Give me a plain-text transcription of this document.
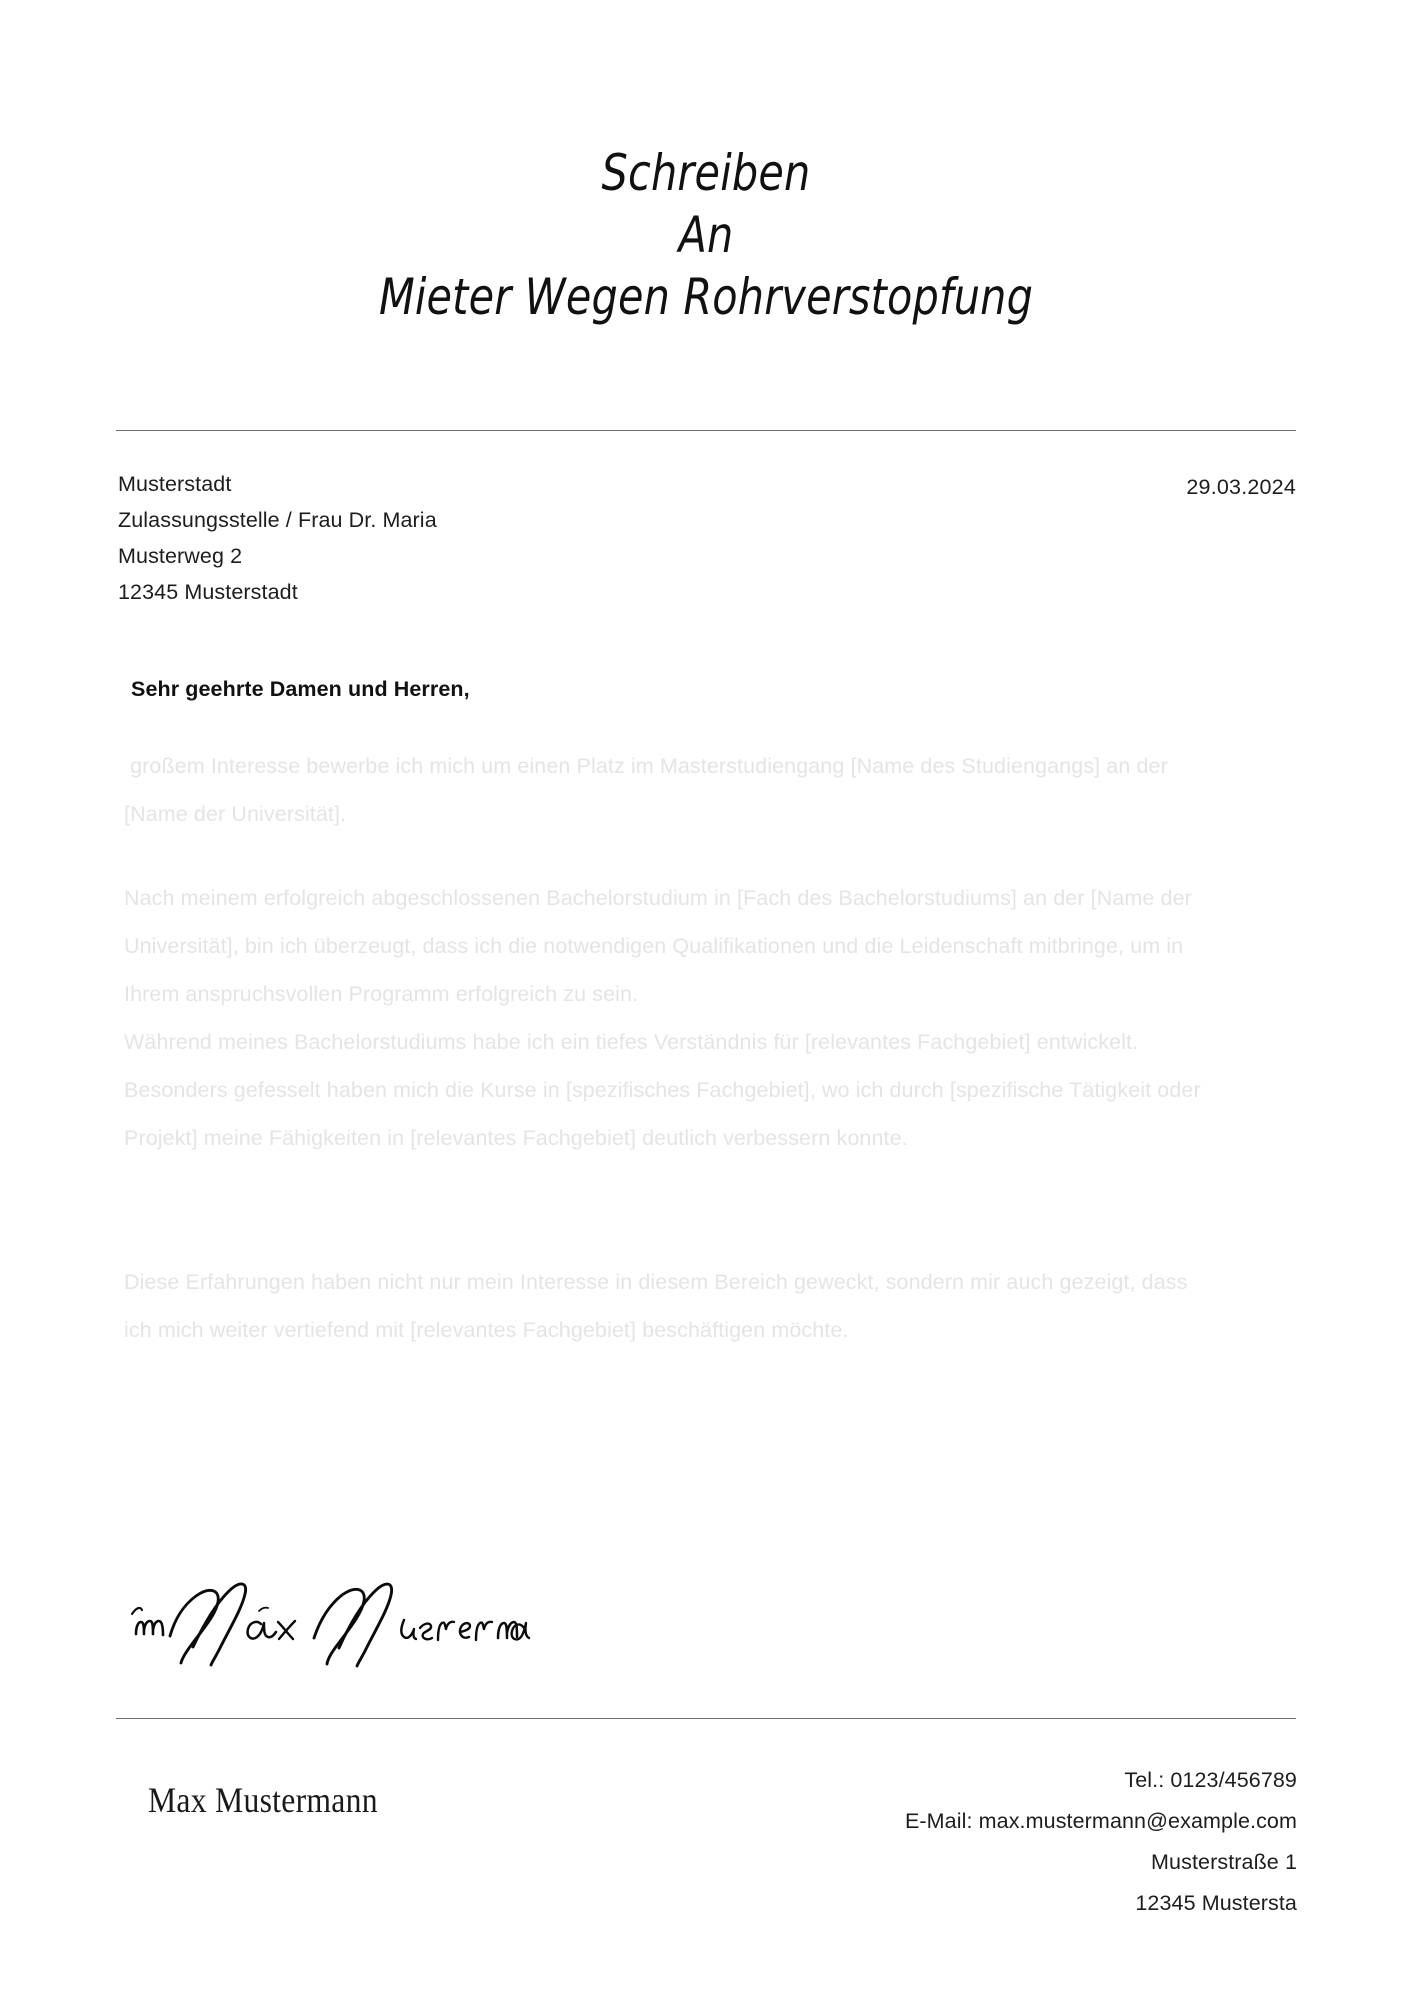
Schreiben
An
Mieter Wegen Rohrverstopfung
Musterstadt
Zulassungsstelle / Frau Dr. Maria
Musterweg 2
12345 Musterstadt
29.03.2024
Sehr geehrte Damen und Herren,
großem Interesse bewerbe ich mich um einen Platz im Masterstudiengang [Name des Studiengangs] an der [Name der Universität].
Nach meinem erfolgreich abgeschlossenen Bachelorstudium in [Fach des Bachelorstudiums] an der [Name der Universität], bin ich überzeugt, dass ich die notwendigen Qualifikationen und die Leidenschaft mitbringe, um in Ihrem anspruchsvollen Programm erfolgreich zu sein.
Während meines Bachelorstudiums habe ich ein tiefes Verständnis für [relevantes Fachgebiet] entwickelt. Besonders gefesselt haben mich die Kurse in [spezifisches Fachgebiet], wo ich durch [spezifische Tätigkeit oder Projekt] meine Fähigkeiten in [relevantes Fachgebiet] deutlich verbessern konnte.
Diese Erfahrungen haben nicht nur mein Interesse in diesem Bereich geweckt, sondern mir auch gezeigt, dass ich mich weiter vertiefend mit [relevantes Fachgebiet] beschäftigen möchte.
Max Mustermann	Tel.: 0123/456789
E-Mail: max.mustermann@example.com
Musterstraße 1
12345 Mustersta
